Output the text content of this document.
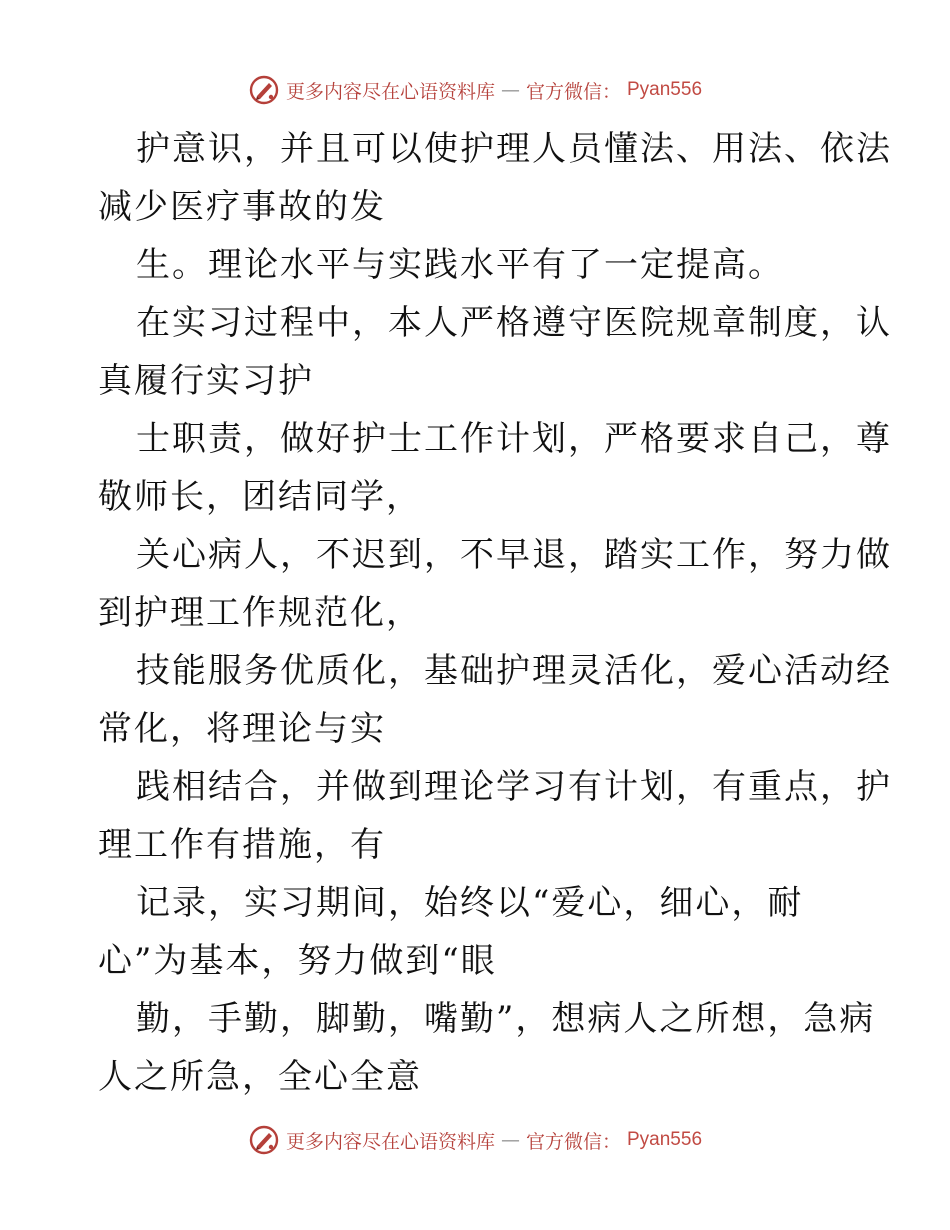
更多内容尽在心语资料库 — 官方微信： Pyan556
护意识，并且可以使护理人员懂法、用法、依法
减少医疗事故的发
生。理论水平与实践水平有了一定提高。
在实习过程中，本人严格遵守医院规章制度，认
真履行实习护
士职责，做好护士工作计划，严格要求自己，尊
敬师长，团结同学，
关心病人，不迟到，不早退，踏实工作，努力做
到护理工作规范化，
技能服务优质化，基础护理灵活化，爱心活动经
常化，将理论与实
践相结合，并做到理论学习有计划，有重点，护
理工作有措施，有
记录，实习期间，始终以“爱心，细心，耐
心”为基本，努力做到“眼
勤，手勤，脚勤，嘴勤”，想病人之所想，急病
人之所急，全心全意
更多内容尽在心语资料库 — 官方微信： Pyan556
